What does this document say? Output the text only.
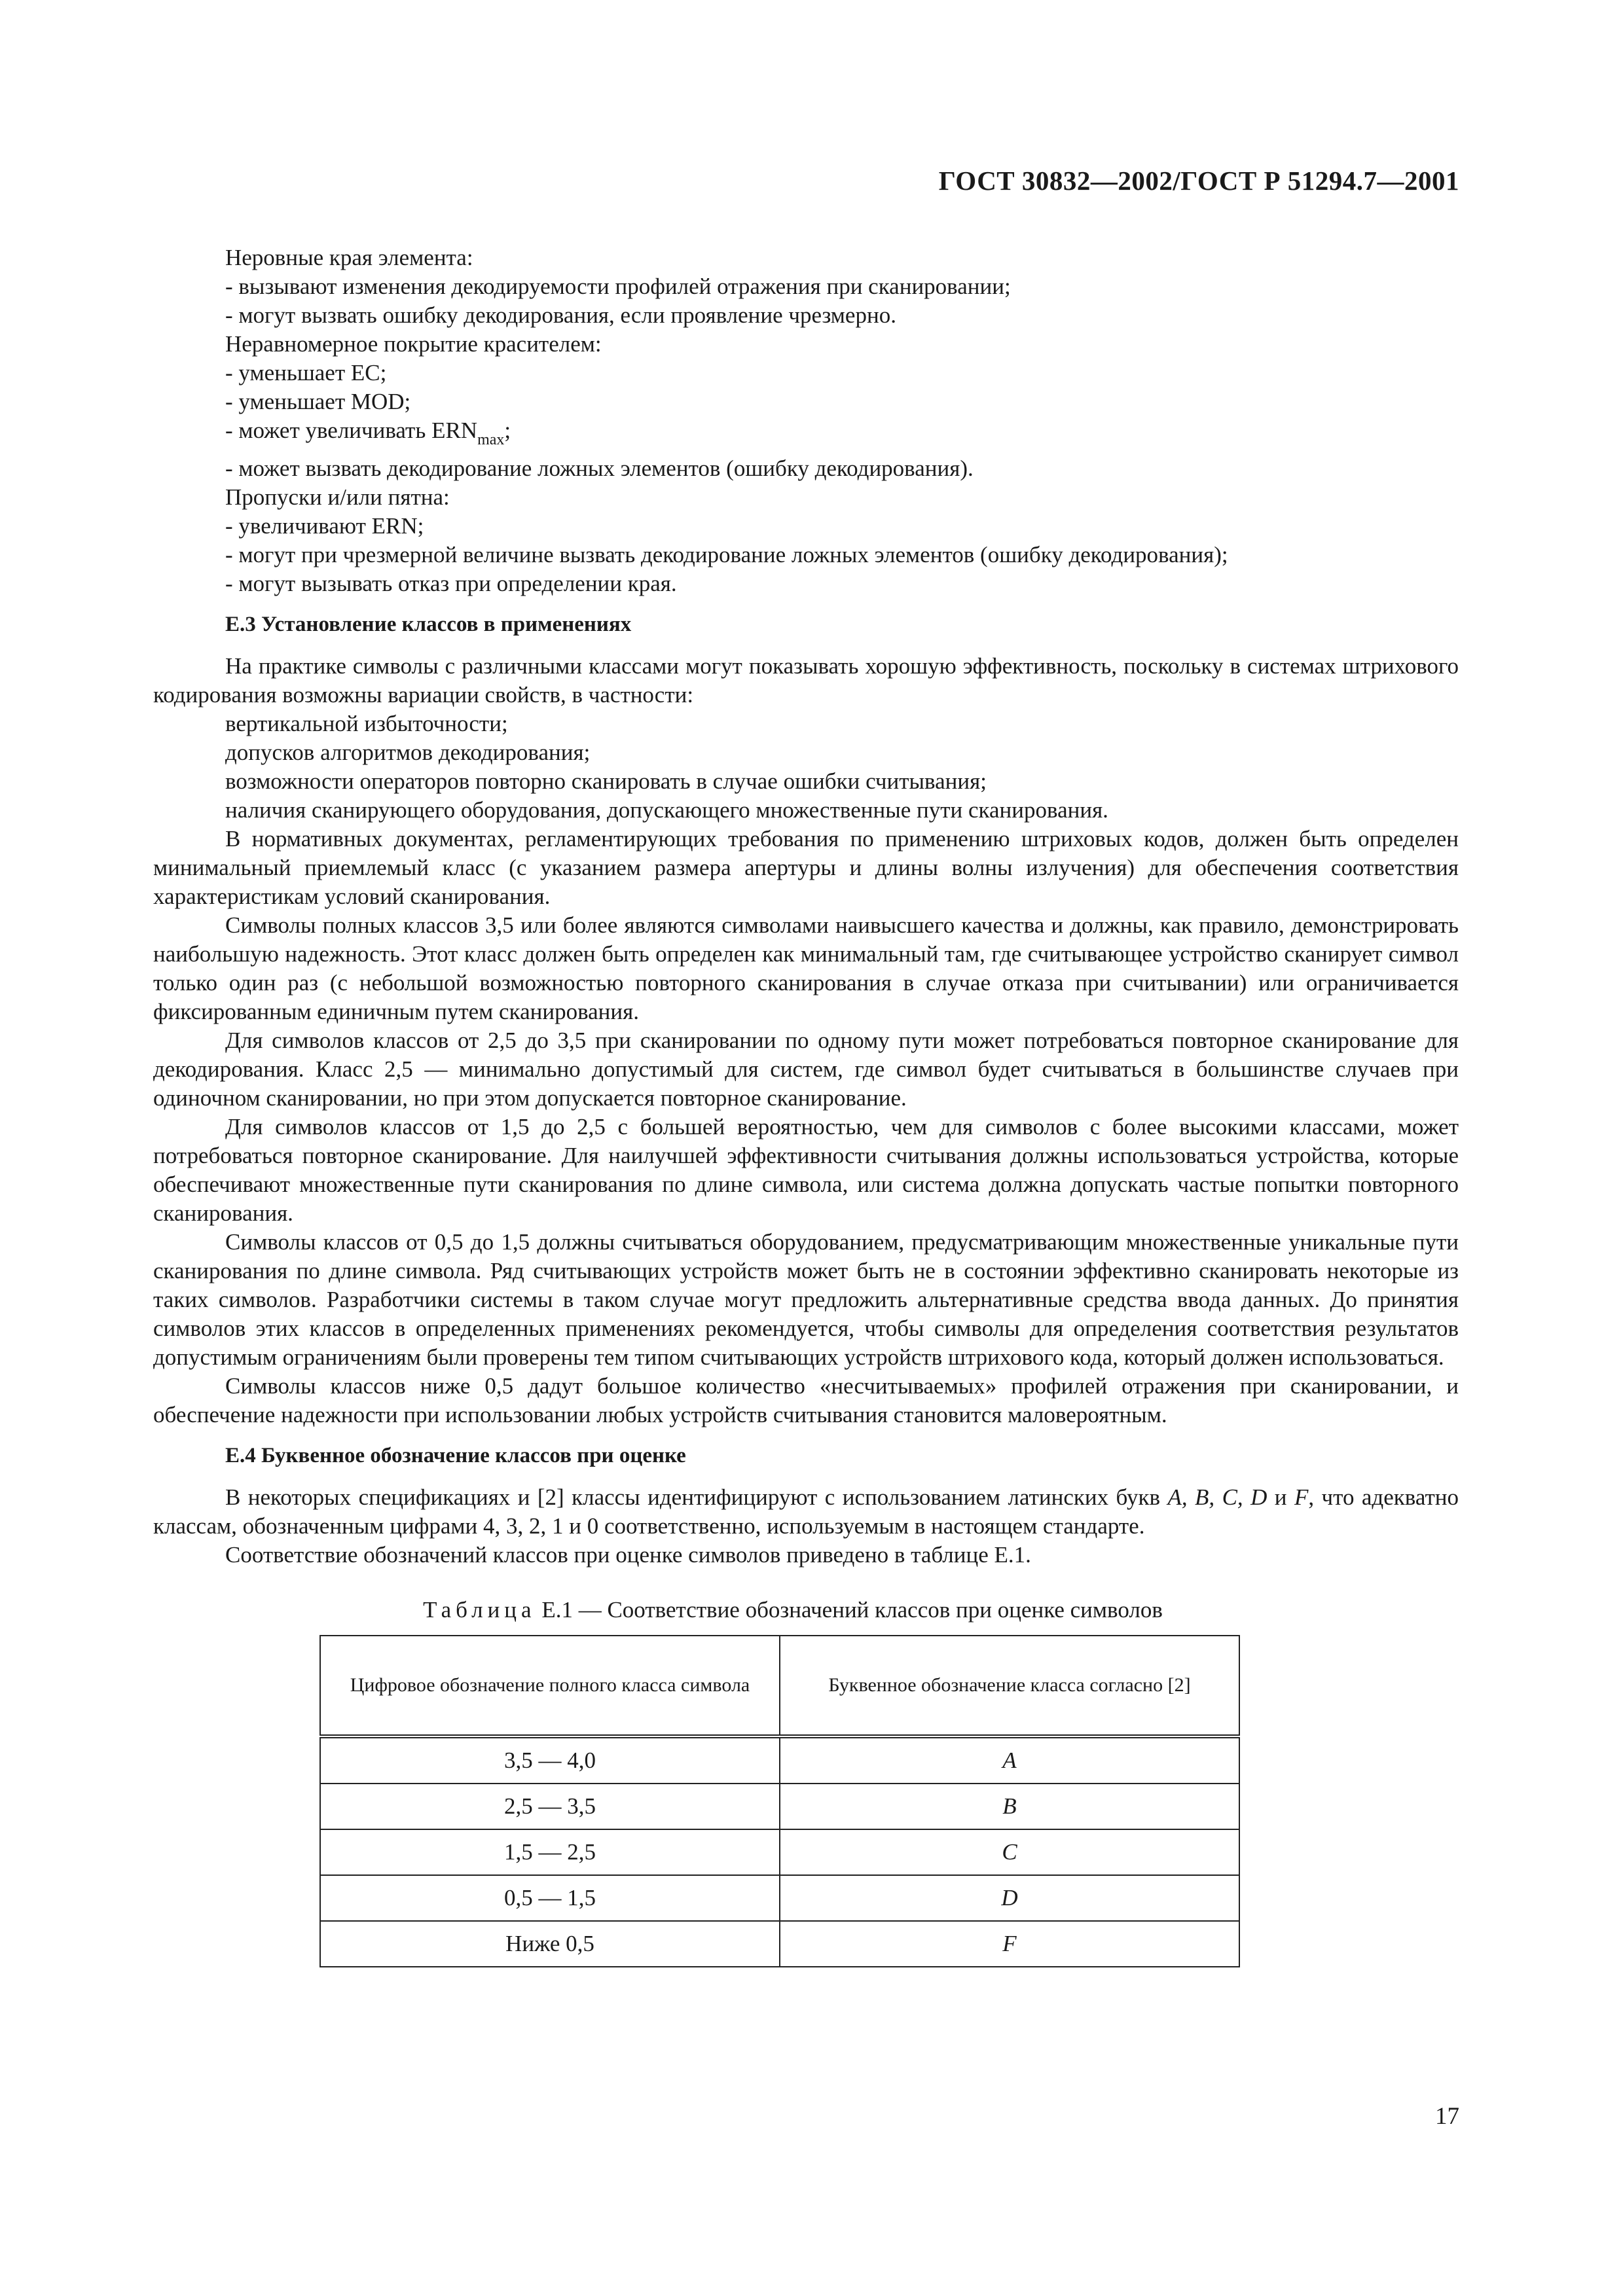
ГОСТ 30832—2002/ГОСТ Р 51294.7—2001
Неровные края элемента:
- вызывают изменения декодируемости профилей отражения при сканировании;
- могут вызвать ошибку декодирования, если проявление чрезмерно.
Неравномерное покрытие красителем:
- уменьшает ЕС;
- уменьшает MOD;
- может увеличивать $ERN_{max}$;
- может вызвать декодирование ложных элементов (ошибку декодирования).
Пропуски и/или пятна:
- увеличивают ERN;
- могут при чрезмерной величине вызвать декодирование ложных элементов (ошибку декодирования);
- могут вызывать отказ при определении края.
Е.3 Установление классов в применениях
На практике символы с различными классами могут показывать хорошую эффективность, поскольку в системах штрихового кодирования возможны вариации свойств, в частности:
вертикальной избыточности;
допусков алгоритмов декодирования;
возможности операторов повторно сканировать в случае ошибки считывания;
наличия сканирующего оборудования, допускающего множественные пути сканирования.
В нормативных документах, регламентирующих требования по применению штриховых кодов, должен быть определен минимальный приемлемый класс (с указанием размера апертуры и длины волны излучения) для обеспечения соответствия характеристикам условий сканирования.
Символы полных классов 3,5 или более являются символами наивысшего качества и должны, как правило, демонстрировать наибольшую надежность. Этот класс должен быть определен как минимальный там, где считывающее устройство сканирует символ только один раз (с небольшой возможностью повторного сканирования в случае отказа при считывании) или ограничивается фиксированным единичным путем сканирования.
Для символов классов от 2,5 до 3,5 при сканировании по одному пути может потребоваться повторное сканирование для декодирования. Класс 2,5 — минимально допустимый для систем, где символ будет считываться в большинстве случаев при одиночном сканировании, но при этом допускается повторное сканирование.
Для символов классов от 1,5 до 2,5 с большей вероятностью, чем для символов с более высокими классами, может потребоваться повторное сканирование. Для наилучшей эффективности считывания должны использоваться устройства, которые обеспечивают множественные пути сканирования по длине символа, или система должна допускать частые попытки повторного сканирования.
Символы классов от 0,5 до 1,5 должны считываться оборудованием, предусматривающим множественные уникальные пути сканирования по длине символа. Ряд считывающих устройств может быть не в состоянии эффективно сканировать некоторые из таких символов. Разработчики системы в таком случае могут предложить альтернативные средства ввода данных. До принятия символов этих классов в определенных применениях рекомендуется, чтобы символы для определения соответствия результатов допустимым ограничениям были проверены тем типом считывающих устройств штрихового кода, который должен использоваться.
Символы классов ниже 0,5 дадут большое количество «несчитываемых» профилей отражения при сканировании, и обеспечение надежности при использовании любых устройств считывания становится маловероятным.
Е.4 Буквенное обозначение классов при оценке
В некоторых спецификациях и [2] классы идентифицируют с использованием латинских букв A, B, C, D и F, что адекватно классам, обозначенным цифрами 4, 3, 2, 1 и 0 соответственно, используемым в настоящем стандарте.
Соответствие обозначений классов при оценке символов приведено в таблице Е.1.
Таблица Е.1 — Соответствие обозначений классов при оценке символов
Цифровое обозначение полного класса символа	Буквенное обозначение класса согласно [2]
3,5 — 4,0	A
2,5 — 3,5	B
1,5 — 2,5	C
0,5 — 1,5	D
Ниже 0,5	F
17
